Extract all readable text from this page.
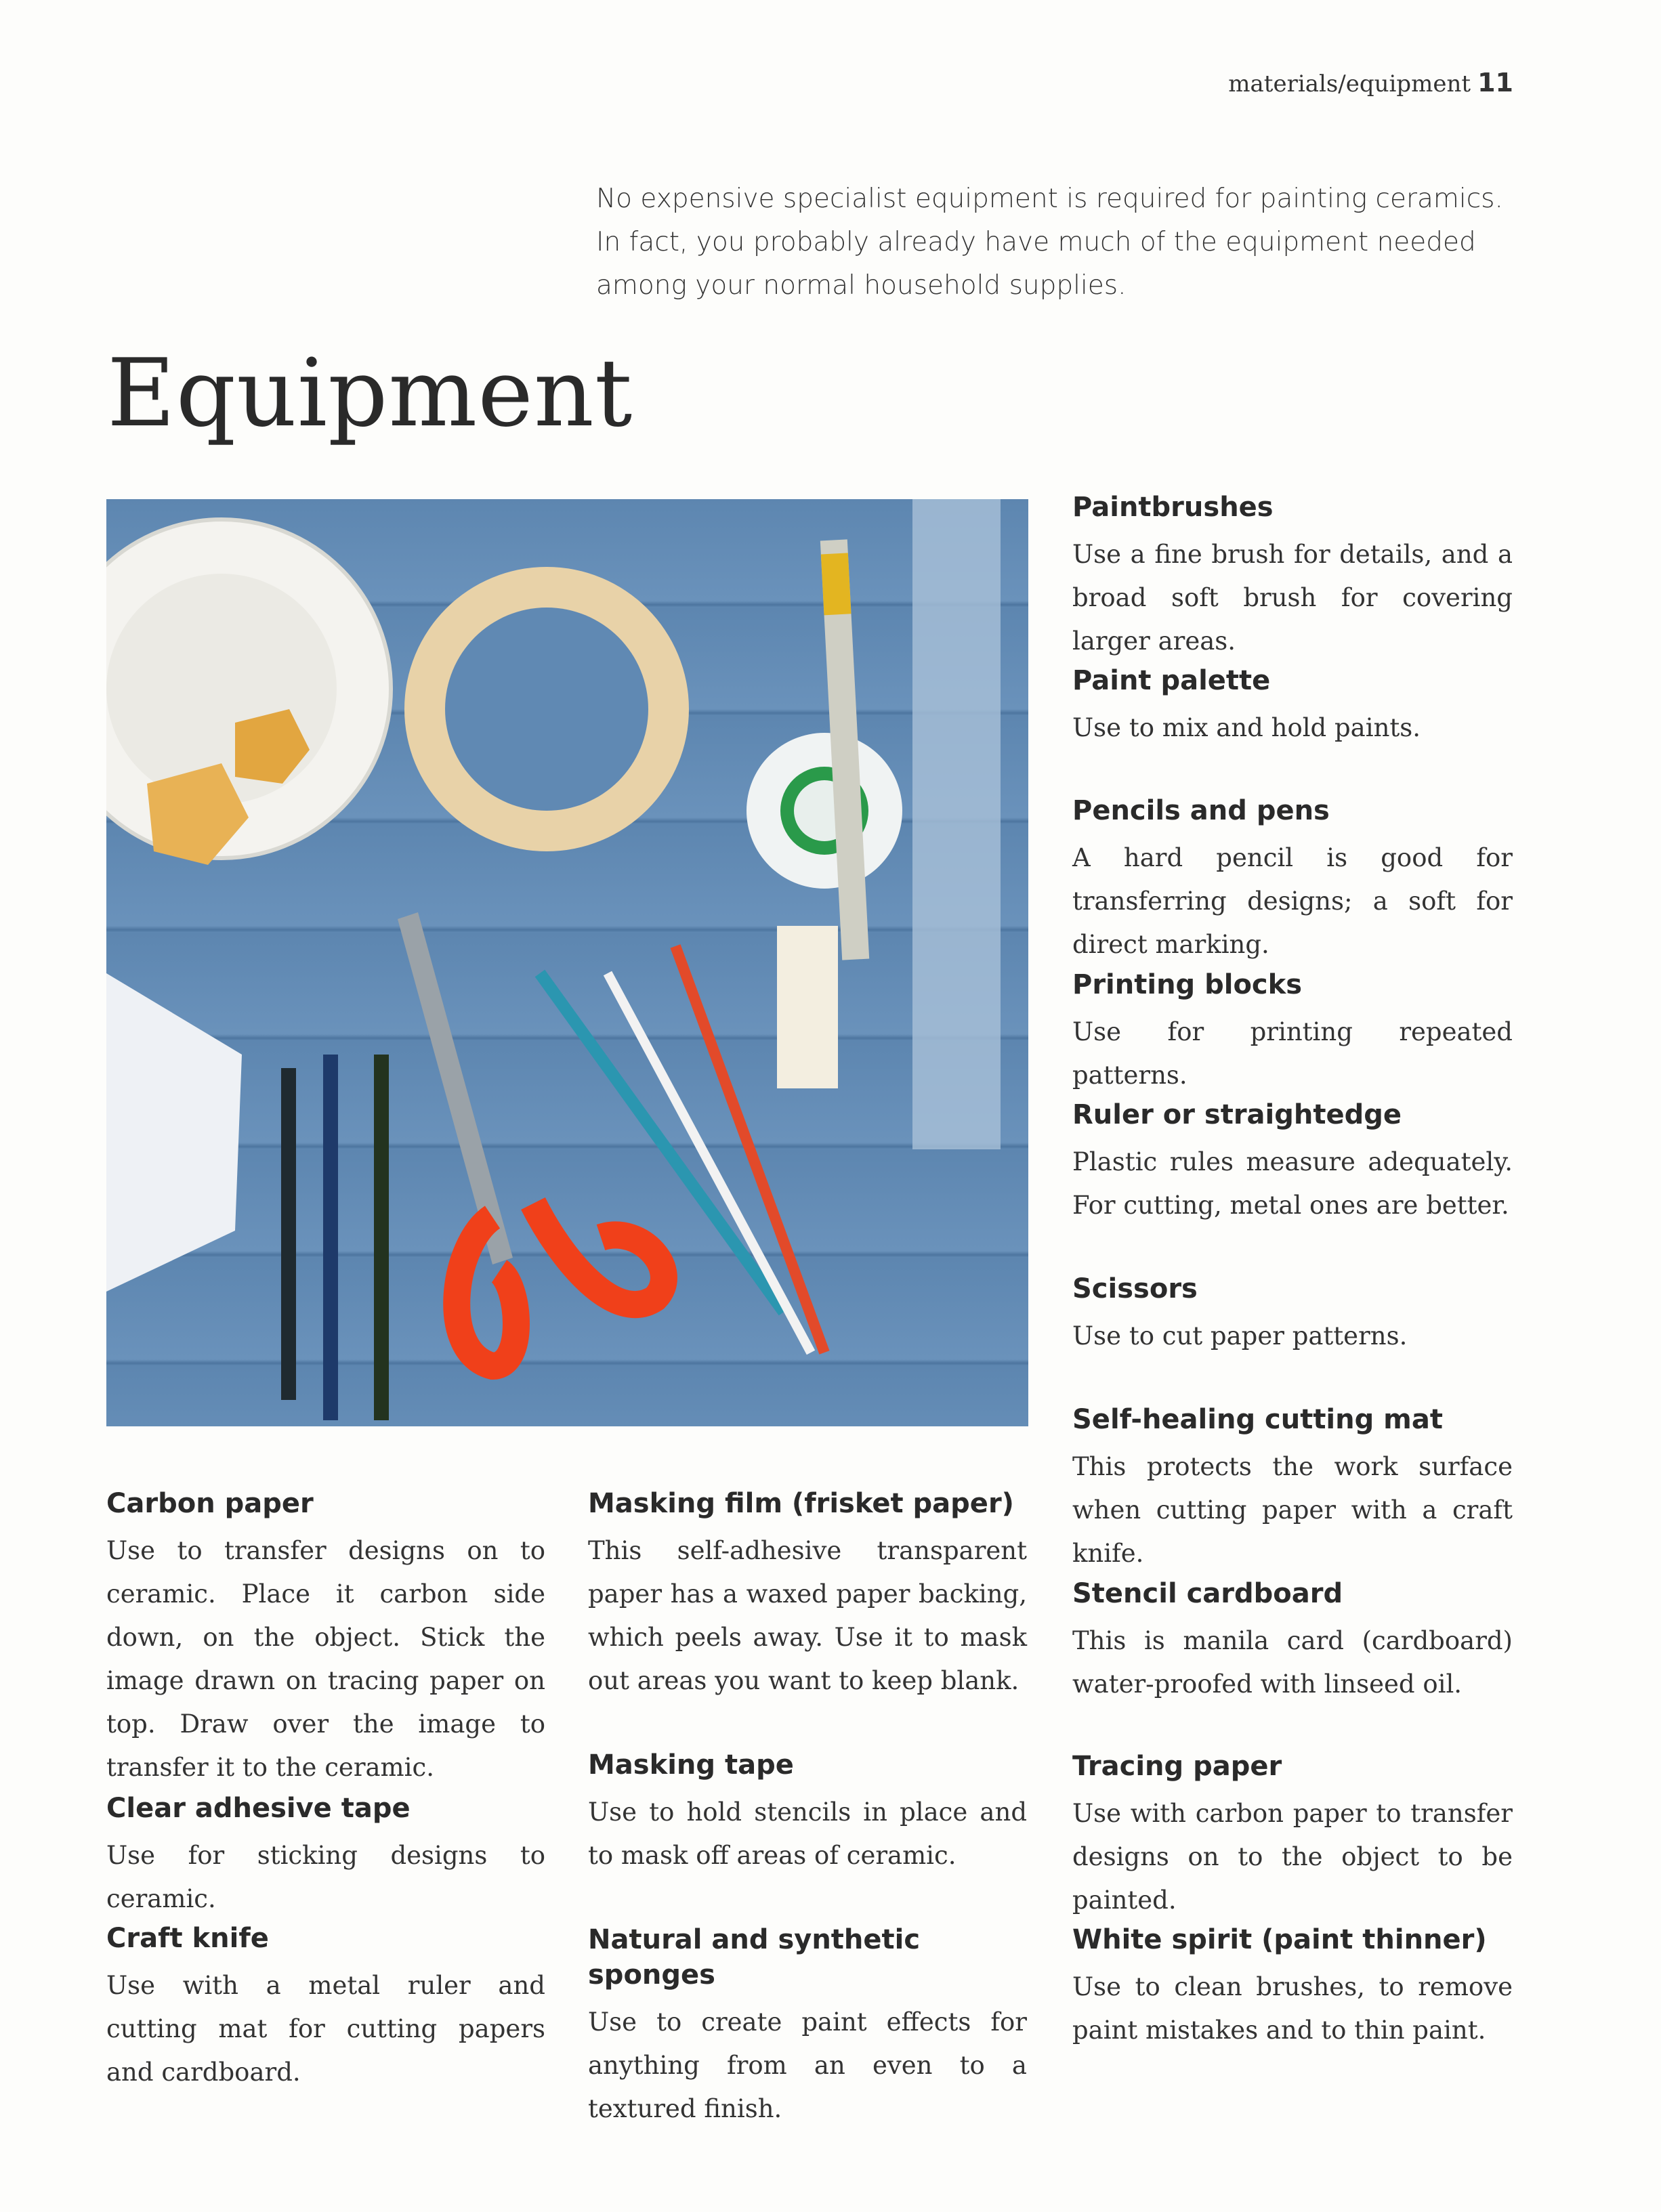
materials/equipment 11
No expensive specialist equipment is required for painting ceramics. In fact, you probably already have much of the equipment needed among your normal household supplies.
Equipment
Paintbrushes

Use a fine brush for details, and a broad soft brush for covering larger areas.

Paint palette

Use to mix and hold paints.

Pencils and pens

A hard pencil is good for transferring designs; a soft for direct marking.

Printing blocks

Use for printing repeated patterns.

Ruler or straightedge

Plastic rules measure adequately. For cutting, metal ones are better.

Scissors

Use to cut paper patterns.

Self-healing cutting mat

This protects the work surface when cutting paper with a craft knife.

Stencil cardboard

This is manila card (cardboard) water-proofed with linseed oil.

Tracing paper

Use with carbon paper to transfer designs on to the object to be painted.

White spirit (paint thinner)

Use to clean brushes, to remove paint mistakes and to thin paint.

Carbon paper

Use to transfer designs on to ceramic. Place it carbon side down, on the object. Stick the image drawn on tracing paper on top. Draw over the image to transfer it to the ceramic.

Clear adhesive tape

Use for sticking designs to ceramic.

Craft knife

Use with a metal ruler and cutting mat for cutting papers and cardboard.

Masking film (frisket paper)

This self-adhesive transparent paper has a waxed paper backing, which peels away. Use it to mask out areas you want to keep blank.

Masking tape

Use to hold stencils in place and to mask off areas of ceramic.

Natural and synthetic sponges

Use to create paint effects for anything from an even to a textured finish.
